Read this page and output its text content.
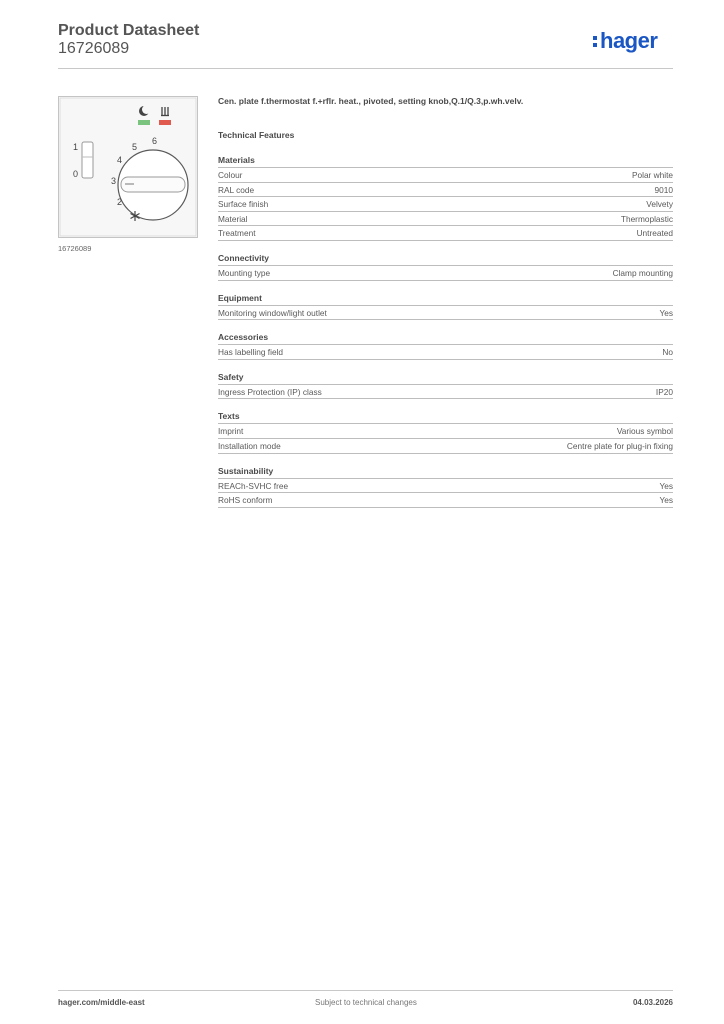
Product Datasheet
16726089	hager
1
0
2
3
4
5
6
16726089
Cen. plate f.thermostat f.+rflr. heat., pivoted, setting knob,Q.1/Q.3,p.wh.velv.
Technical Features
Materials
Colour	Polar white
RAL code	9010
Surface finish	Velvety
Material	Thermoplastic
Treatment	Untreated
Connectivity
Mounting type	Clamp mounting
Equipment
Monitoring window/light outlet	Yes
Accessories
Has labelling field	No
Safety
Ingress Protection (IP) class	IP20
Texts
Imprint	Various symbol
Installation mode	Centre plate for plug-in fixing
Sustainability
REACh-SVHC free	Yes
RoHS conform	Yes
hager.com/middle-east	Subject to technical changes	04.03.2026
